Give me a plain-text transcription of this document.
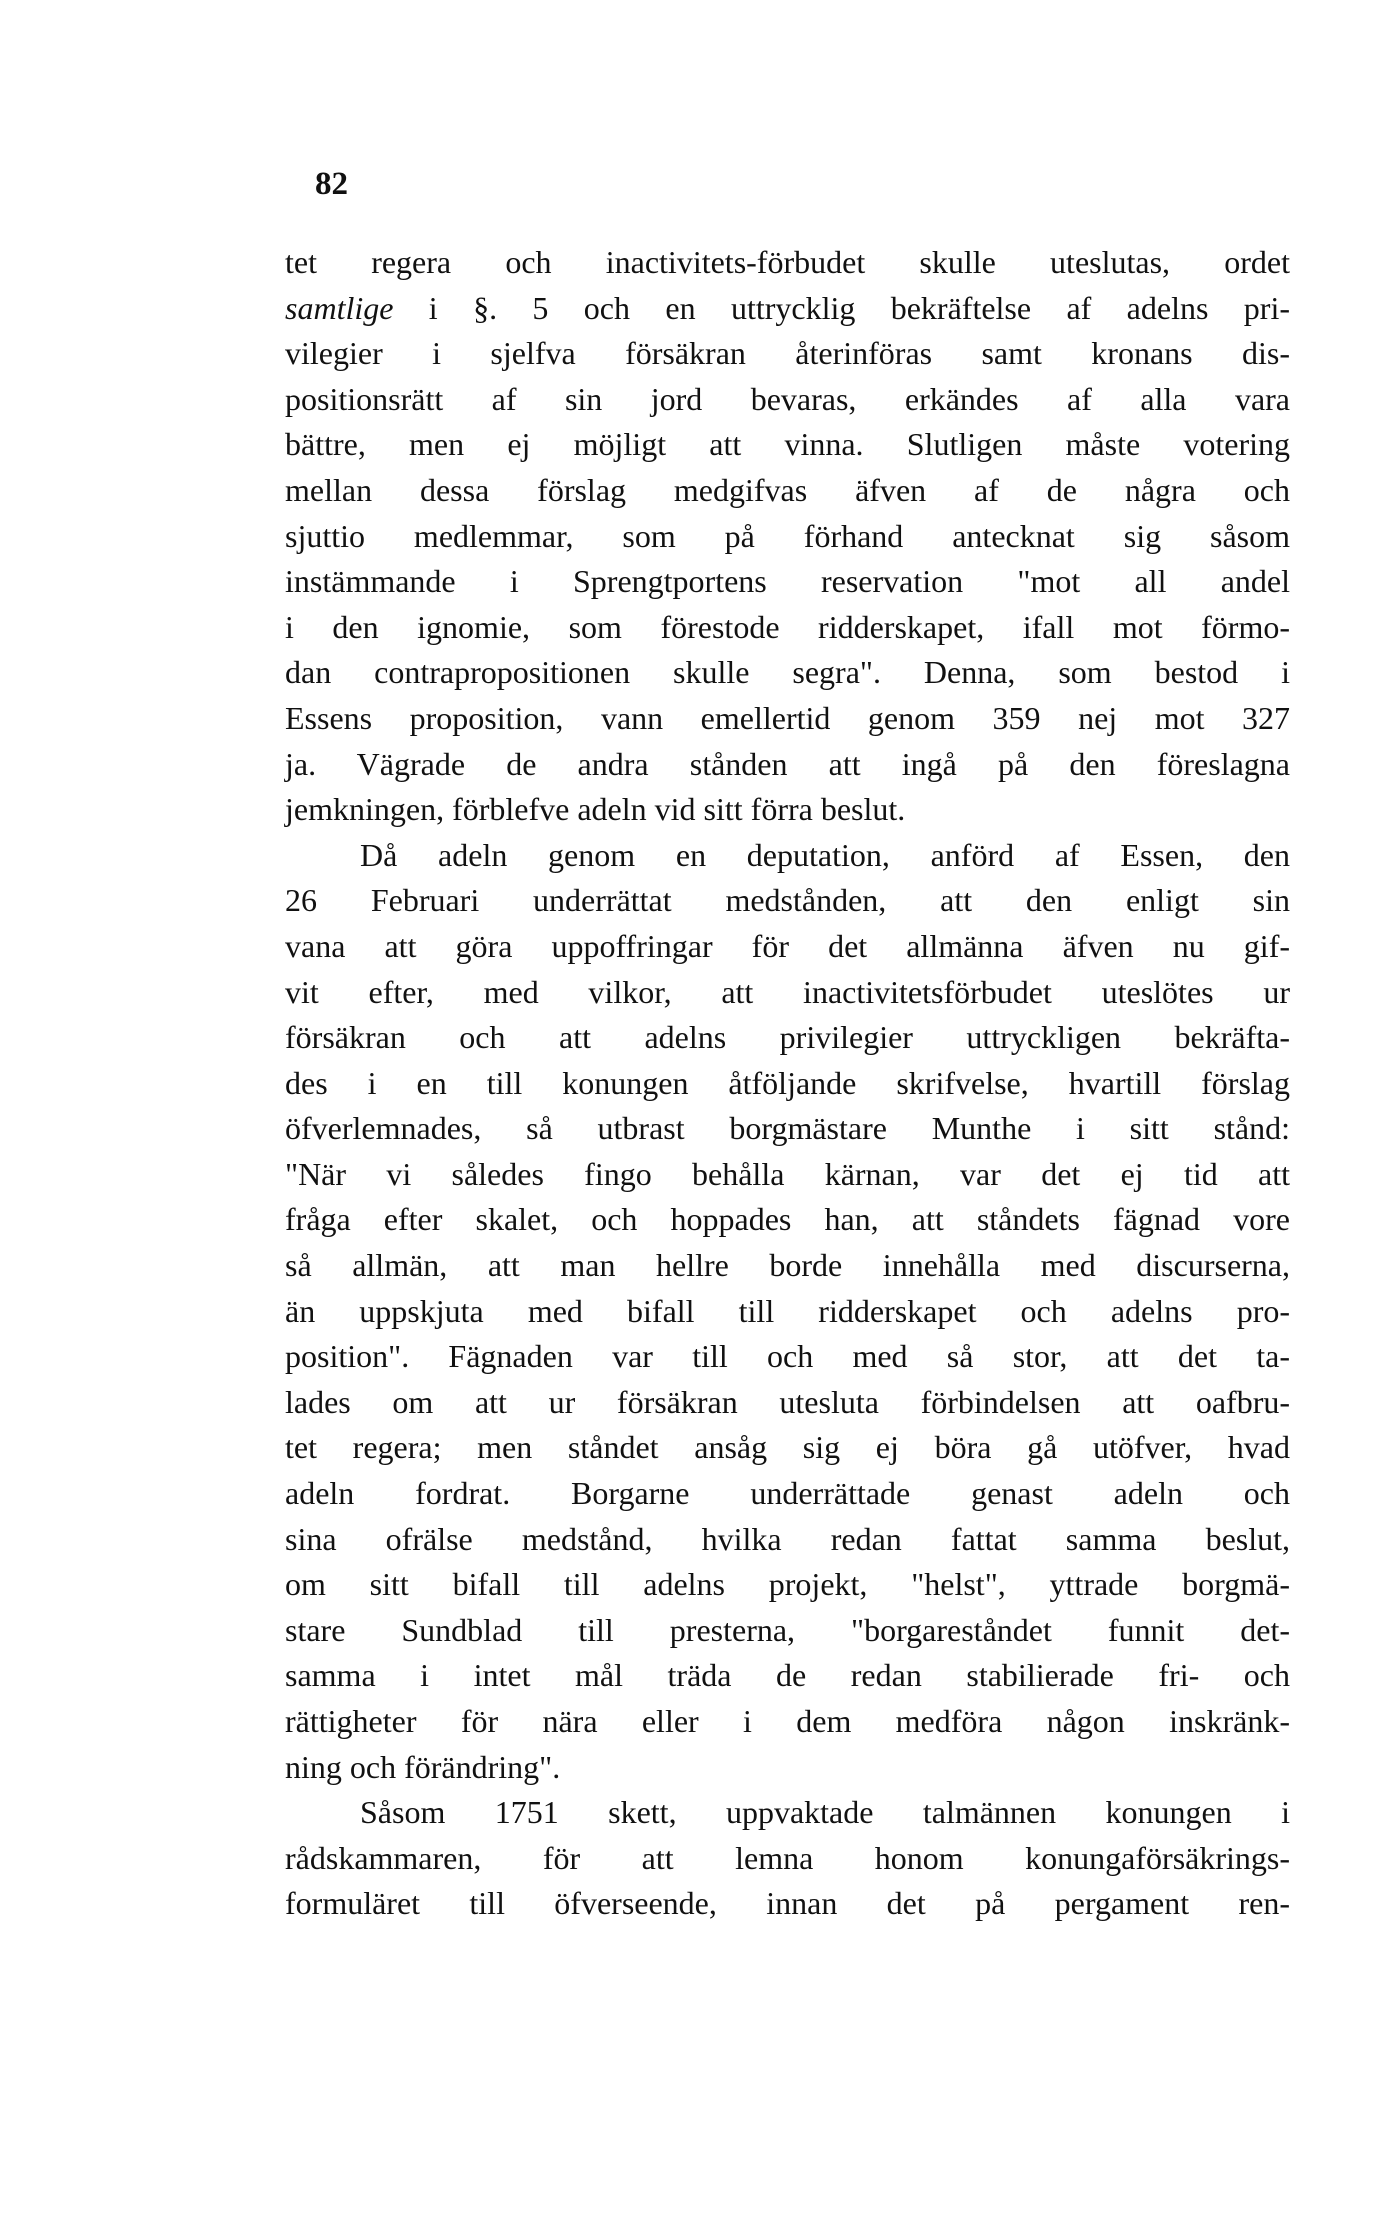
82
tet regera och inactivitets-förbudet skulle uteslutas, ordet
samtlige i §. 5 och en uttrycklig bekräftelse af adelns pri-
vilegier i sjelfva försäkran återinföras samt kronans dis-
positionsrätt af sin jord bevaras, erkändes af alla vara
bättre, men ej möjligt att vinna. Slutligen måste votering
mellan dessa förslag medgifvas äfven af de några och
sjuttio medlemmar, som på förhand antecknat sig såsom
instämmande i Sprengtportens reservation "mot all andel
i den ignomie, som förestode ridderskapet, ifall mot förmo-
dan contrapropositionen skulle segra". Denna, som bestod i
Essens proposition, vann emellertid genom 359 nej mot 327
ja. Vägrade de andra stånden att ingå på den föreslagna
jemkningen, förblefve adeln vid sitt förra beslut.
Då adeln genom en deputation, anförd af Essen, den
26 Februari underrättat medstånden, att den enligt sin
vana att göra uppoffringar för det allmänna äfven nu gif-
vit efter, med vilkor, att inactivitetsförbudet uteslötes ur
försäkran och att adelns privilegier uttryckligen bekräfta-
des i en till konungen åtföljande skrifvelse, hvartill förslag
öfverlemnades, så utbrast borgmästare Munthe i sitt stånd:
"När vi således fingo behålla kärnan, var det ej tid att
fråga efter skalet, och hoppades han, att ståndets fägnad vore
så allmän, att man hellre borde innehålla med discurserna,
än uppskjuta med bifall till ridderskapet och adelns pro-
position". Fägnaden var till och med så stor, att det ta-
lades om att ur försäkran utesluta förbindelsen att oafbru-
tet regera; men ståndet ansåg sig ej böra gå utöfver, hvad
adeln fordrat. Borgarne underrättade genast adeln och
sina ofrälse medstånd, hvilka redan fattat samma beslut,
om sitt bifall till adelns projekt, "helst", yttrade borgmä-
stare Sundblad till presterna, "borgareståndet funnit det-
samma i intet mål träda de redan stabilierade fri- och
rättigheter för nära eller i dem medföra någon inskränk-
ning och förändring".
Såsom 1751 skett, uppvaktade talmännen konungen i
rådskammaren, för att lemna honom konungaförsäkrings-
formuläret till öfverseende, innan det på pergament ren-
